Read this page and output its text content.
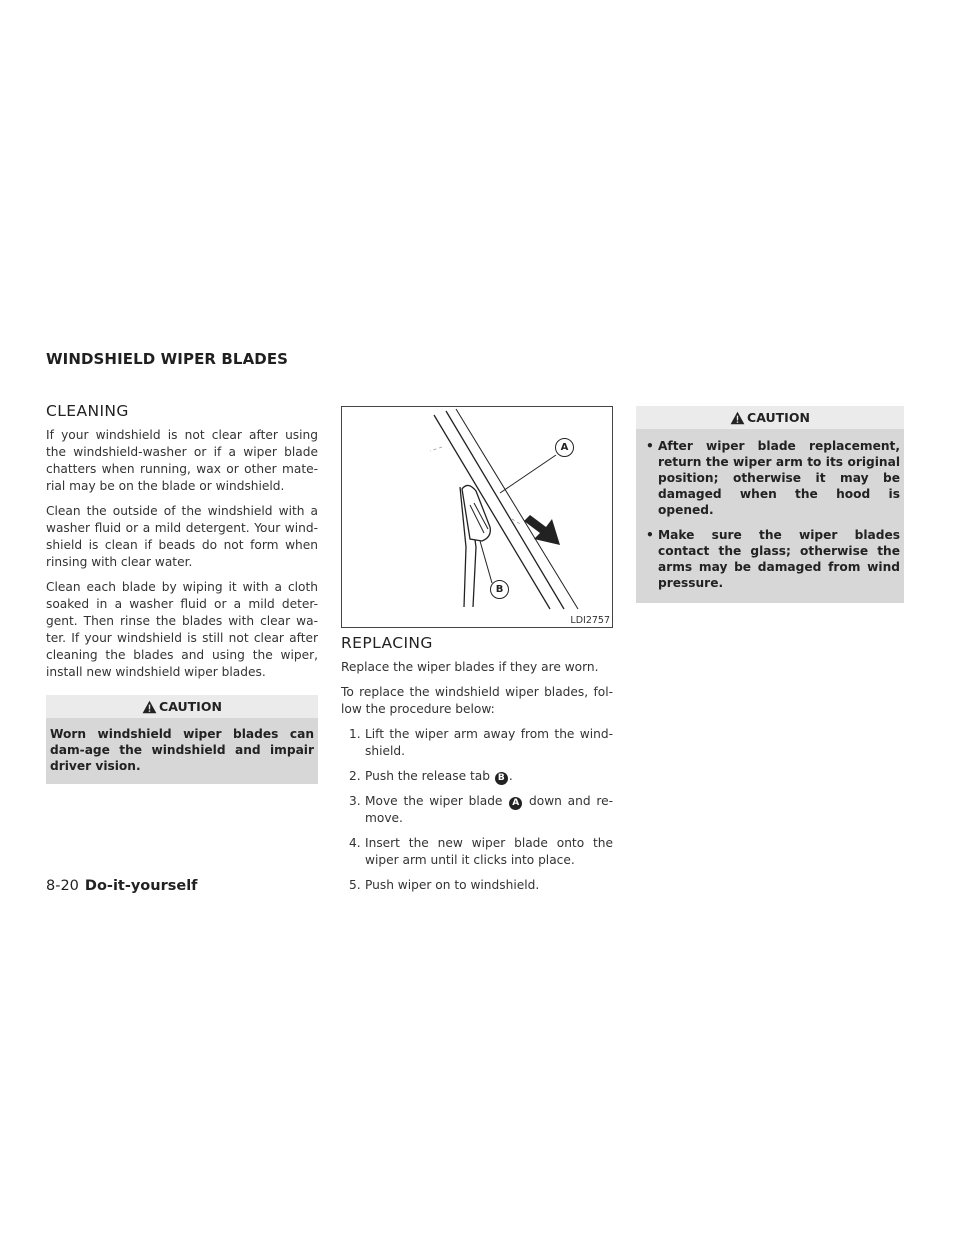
WINDSHIELD WIPER BLADES
CLEANING

If your windshield is not clear after using the windshield-washer or if a wiper blade chatters when running, wax or other mate-rial may be on the blade or windshield.

Clean the outside of the windshield with a washer fluid or a mild detergent. Your wind-shield is clean if beads do not form when rinsing with clear water.

Clean each blade by wiping it with a cloth soaked in a washer fluid or a mild deter-gent. Then rinse the blades with clear wa-ter. If your windshield is still not clear after cleaning the blades and using the wiper, install new windshield wiper blades.

CAUTION

Worn windshield wiper blades can dam-age the windshield and impair driver vision.

A
B
LDI2757
REPLACING

Replace the wiper blades if they are worn.

To replace the windshield wiper blades, fol-low the procedure below:

1. Lift the wiper arm away from the wind-shield.
2. Push the release tab B .
3. Move the wiper blade A down and re-move.
4. Insert the new wiper blade onto the wiper arm until it clicks into place.
5. Push wiper on to windshield.
CAUTION
• After wiper blade replacement, return the wiper arm to its original position; otherwise it may be damaged when the hood is opened.
• Make sure the wiper blades contact the glass; otherwise the arms may be damaged from wind pressure.
8-20 Do-it-yourself
